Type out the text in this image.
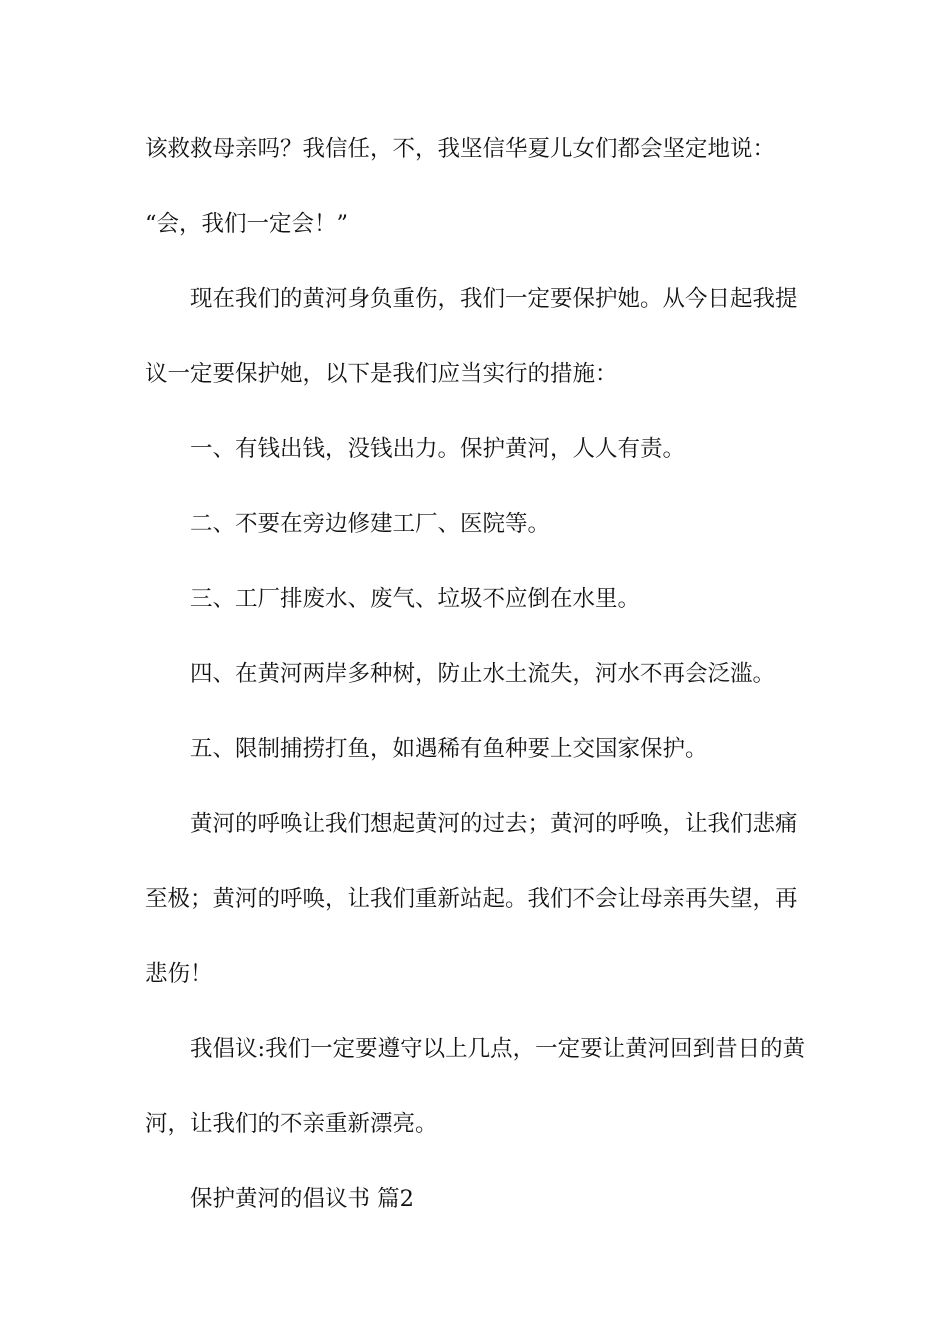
该救救母亲吗？我信任，不，我坚信华夏儿女们都会坚定地说：

“会，我们一定会！”

现在我们的黄河身负重伤，我们一定要保护她。从今日起我提

议一定要保护她，以下是我们应当实行的措施：

一、有钱出钱，没钱出力。保护黄河，人人有责。

二、不要在旁边修建工厂、医院等。

三、工厂排废水、废气、垃圾不应倒在水里。

四、在黄河两岸多种树，防止水土流失，河水不再会泛滥。

五、限制捕捞打鱼，如遇稀有鱼种要上交国家保护。

黄河的呼唤让我们想起黄河的过去；黄河的呼唤，让我们悲痛

至极；黄河的呼唤，让我们重新站起。我们不会让母亲再失望，再

悲伤！

我倡议:我们一定要遵守以上几点，一定要让黄河回到昔日的黄

河，让我们的不亲重新漂亮。

保护黄河的倡议书 篇2
